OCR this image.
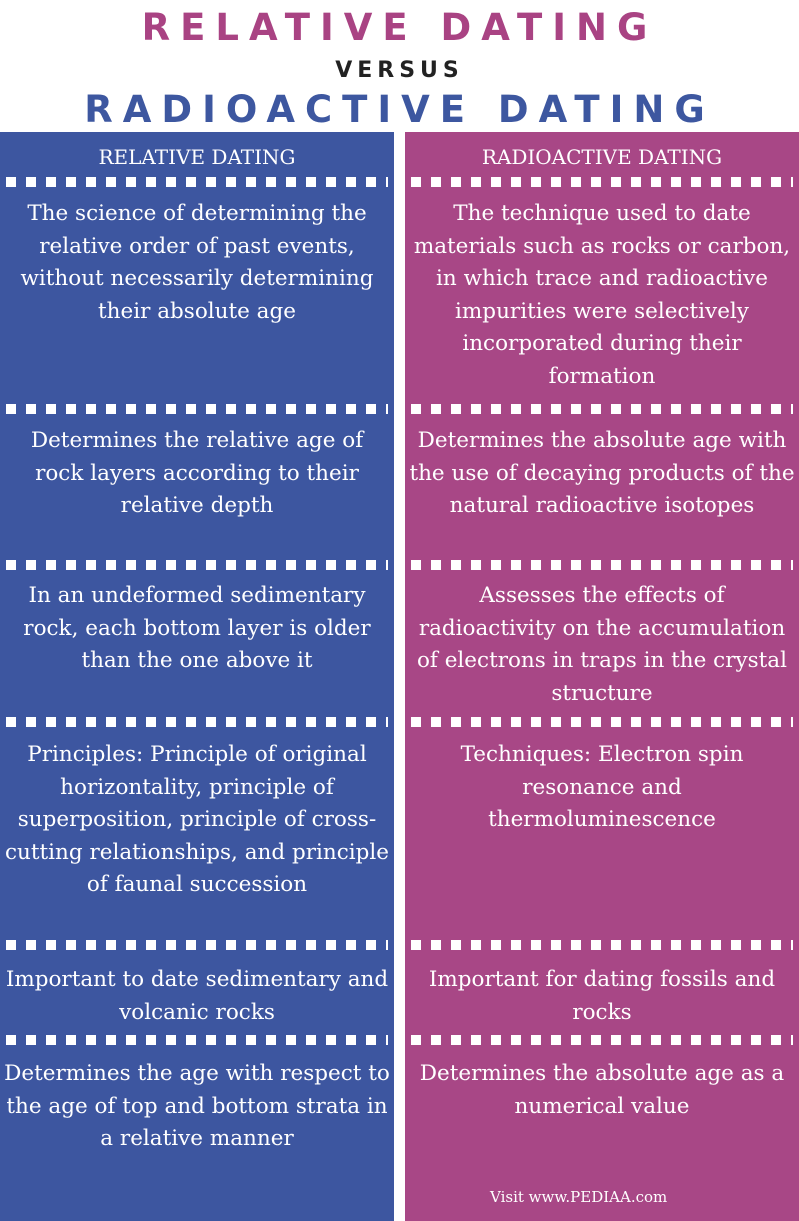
RELATIVE DATING
VERSUS
RADIOACTIVE DATING
RELATIVE DATING
The science of determining the relative order of past events, without necessarily determining their absolute age
Determines the relative age of rock layers according to their relative depth
In an undeformed sedimentary rock, each bottom layer is older than the one above it
Principles: Principle of original horizontality, principle of superposition, principle of cross-cutting relationships, and principle of faunal succession
Important to date sedimentary and volcanic rocks
Determines the age with respect to the age of top and bottom strata in a relative manner
RADIOACTIVE DATING
The technique used to date materials such as rocks or carbon, in which trace and radioactive impurities were selectively incorporated during their formation
Determines the absolute age with the use of decaying products of the natural radioactive isotopes
Assesses the effects of radioactivity on the accumulation of electrons in traps in the crystal structure
Techniques: Electron spin resonance and thermoluminescence
Important for dating fossils and rocks
Determines the absolute age as a numerical value
Visit www.PEDIAA.com
